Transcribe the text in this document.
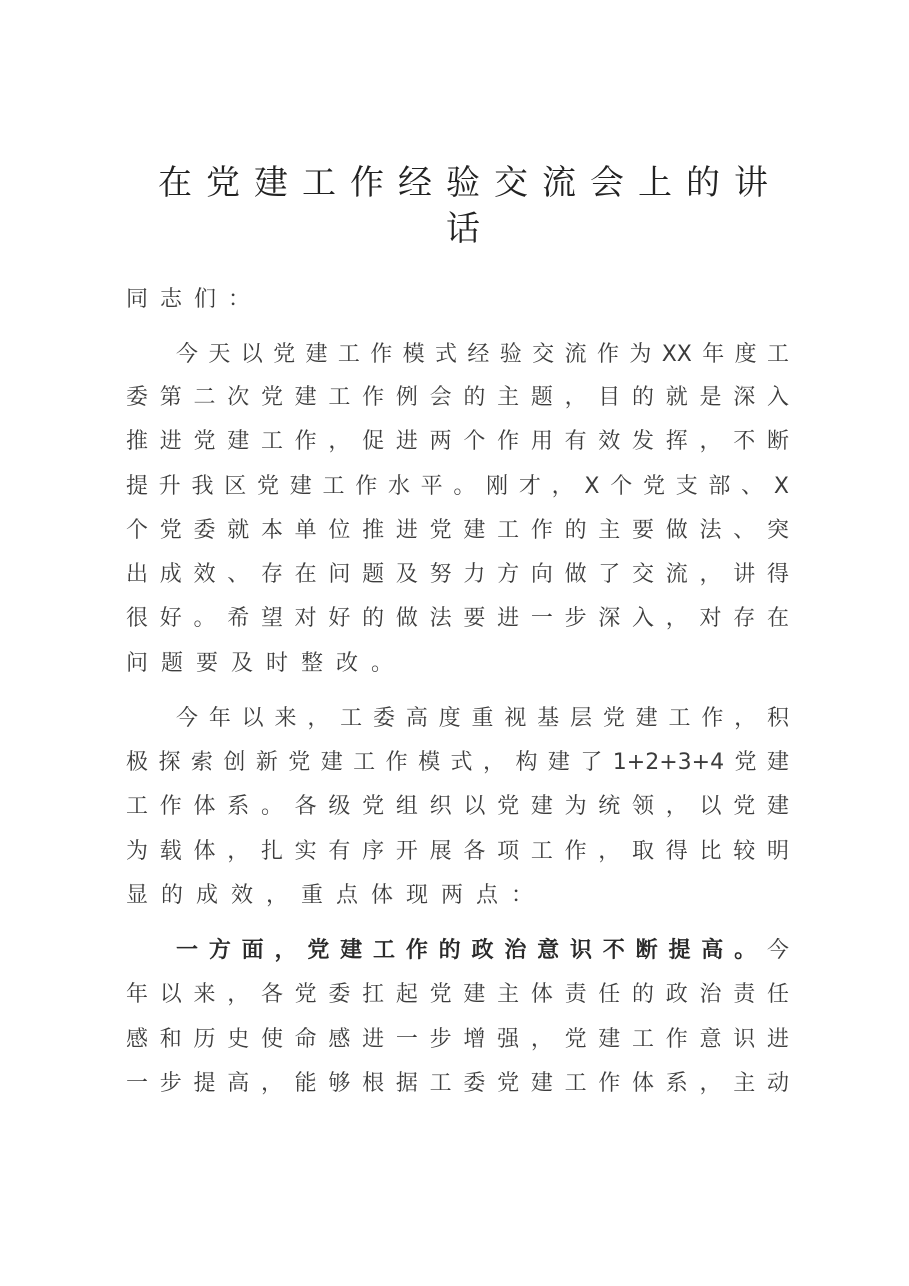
在党建工作经验交流会上的讲话

同志们：

今天以党建工作模式经验交流作为XX年度工

委第二次党建工作例会的主题，目的就是深入

推进党建工作，促进两个作用有效发挥，不断

提升我区党建工作水平。刚才，X个党支部、X

个党委就本单位推进党建工作的主要做法、突

出成效、存在问题及努力方向做了交流，讲得

很好。希望对好的做法要进一步深入，对存在

问题要及时整改。

今年以来，工委高度重视基层党建工作，积

极探索创新党建工作模式，构建了1+2+3+4党建

工作体系。各级党组织以党建为统领，以党建

为载体，扎实有序开展各项工作，取得比较明

显的成效，重点体现两点：

一方面，党建工作的政治意识不断提高。今

年以来，各党委扛起党建主体责任的政治责任

感和历史使命感进一步增强，党建工作意识进

一步提高，能够根据工委党建工作体系，主动
